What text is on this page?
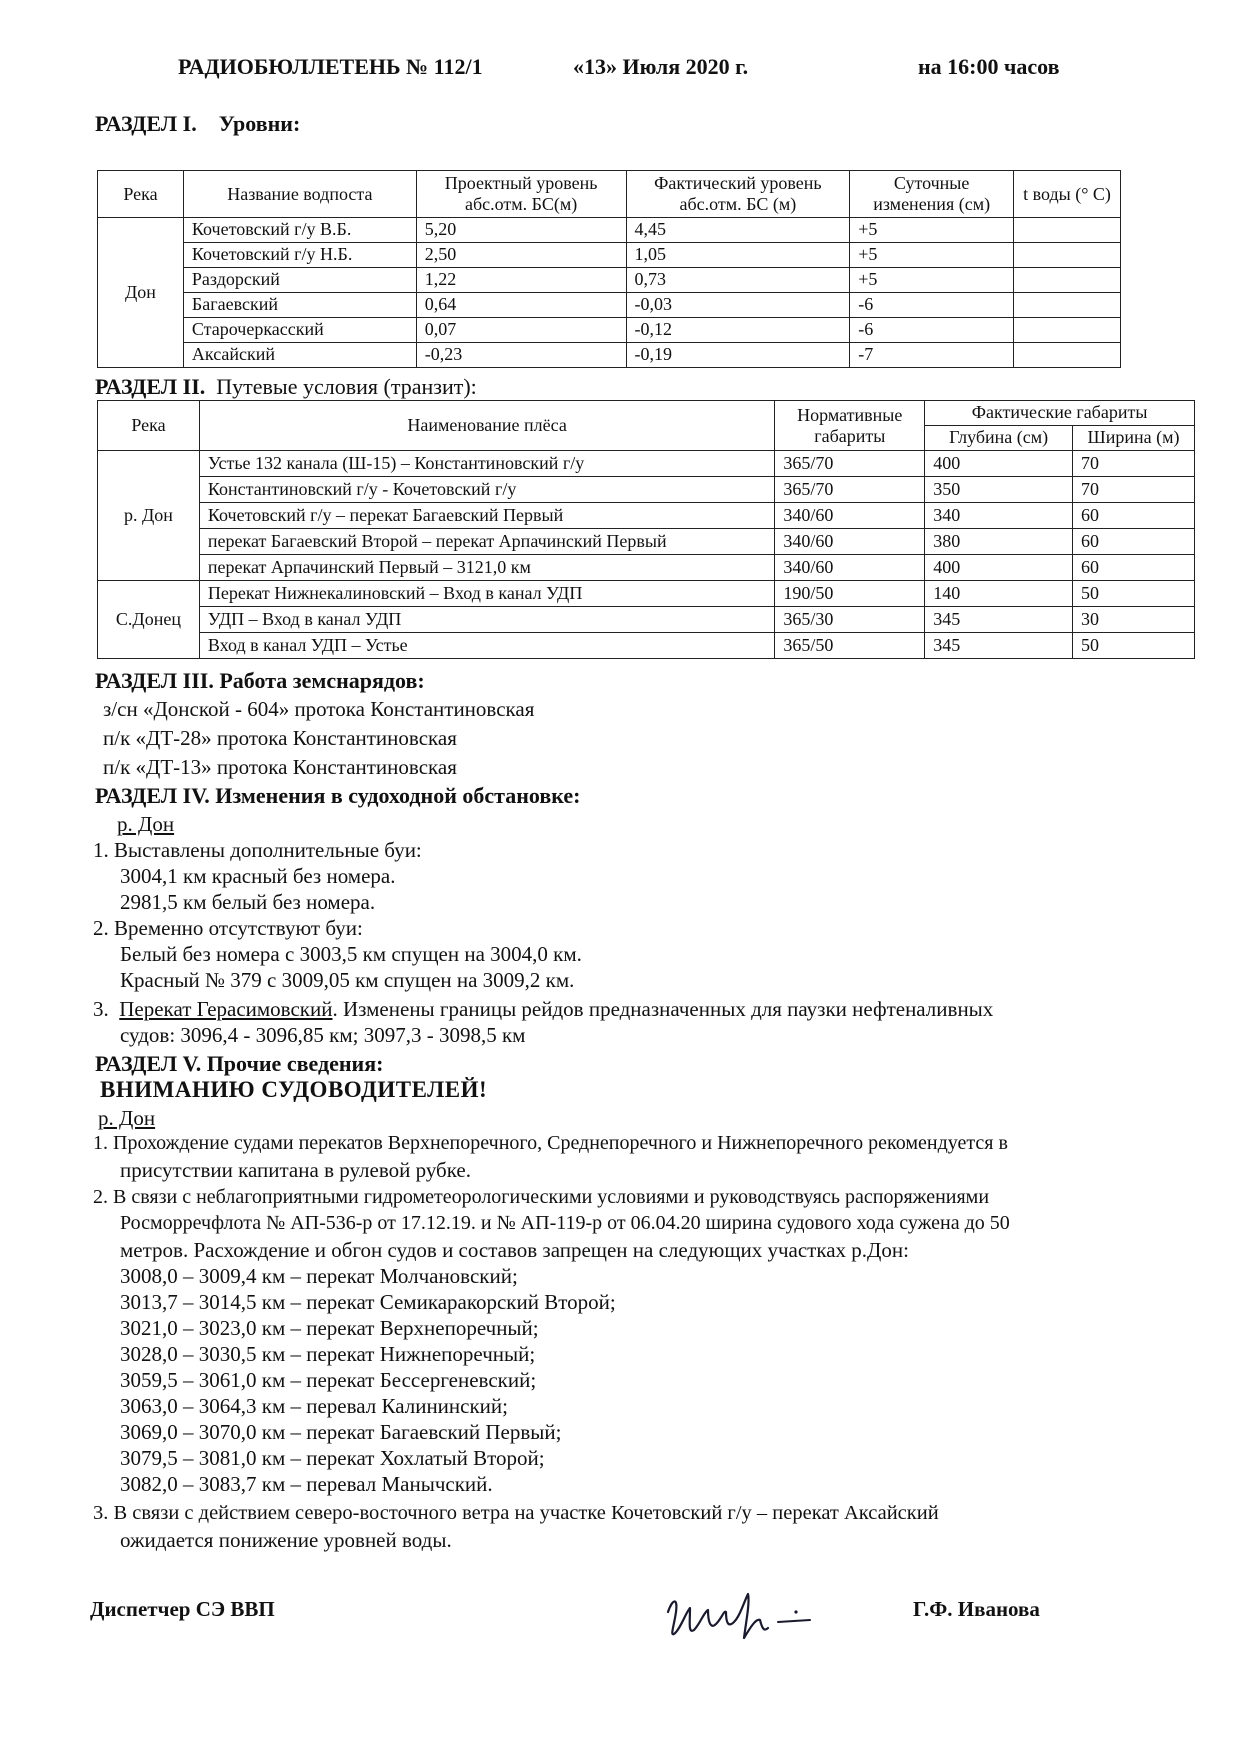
РАДИОБЮЛЛЕТЕНЬ № 112/1	«13» Июля 2020 г.	на 16:00 часов
РАЗДЕЛ I. Уровни:
Река	Название водпоста	Проектный уровень абс.отм. БС(м)	Фактический уровень абс.отм. БС (м)	Суточные изменения (см)	t воды (° С)
Дон	Кочетовский г/у В.Б.	5,20	4,45	+5	
	Кочетовский г/у Н.Б.	2,50	1,05	+5	
	Раздорский	1,22	0,73	+5	
	Багаевский	0,64	-0,03	-6	
	Старочеркасский	0,07	-0,12	-6	
	Аксайский	-0,23	-0,19	-7	
РАЗДЕЛ II. Путевые условия (транзит):
Река	Наименование плёса	Нормативные габариты	Фактические габариты	
			Глубина (см)	Ширина (м)
р. Дон	Устье 132 канала (Ш-15) – Константиновский г/у	365/70	400	70
	Константиновский г/у - Кочетовский г/у	365/70	350	70
	Кочетовский г/у – перекат Багаевский Первый	340/60	340	60
	перекат Багаевский Второй – перекат Арпачинский Первый	340/60	380	60
	перекат Арпачинский Первый – 3121,0 км	340/60	400	60
С.Донец	Перекат Нижнекалиновский – Вход в канал УДП	190/50	140	50
	УДП – Вход в канал УДП	365/30	345	30
	Вход в канал УДП – Устье	365/50	345	50
РАЗДЕЛ III. Работа земснарядов:
з/сн «Донской - 604» протока Константиновская
п/к «ДТ-28» протока Константиновская
п/к «ДТ-13» протока Константиновская
РАЗДЕЛ IV. Изменения в судоходной обстановке:
р. Дон
1. Выставлены дополнительные буи:
3004,1 км красный без номера.
2981,5 км белый без номера.
2. Временно отсутствуют буи:
Белый без номера с 3003,5 км спущен на 3004,0 км.
Красный № 379 с 3009,05 км спущен на 3009,2 км.
3. Перекат Герасимовский. Изменены границы рейдов предназначенных для паузки нефтеналивных
судов: 3096,4 - 3096,85 км; 3097,3 - 3098,5 км
РАЗДЕЛ V. Прочие сведения:
ВНИМАНИЮ СУДОВОДИТЕЛЕЙ!
р. Дон
1. Прохождение судами перекатов Верхнепоречного, Среднепоречного и Нижнепоречного рекомендуется в
присутствии капитана в рулевой рубке.
2. В связи с неблагоприятными гидрометеорологическими условиями и руководствуясь распоряжениями
Росморречфлота № АП-536-р от 17.12.19. и № АП-119-р от 06.04.20 ширина судового хода сужена до 50
метров. Расхождение и обгон судов и составов запрещен на следующих участках р.Дон:
3008,0 – 3009,4 км – перекат Молчановский;
3013,7 – 3014,5 км – перекат Семикаракорский Второй;
3021,0 – 3023,0 км – перекат Верхнепоречный;
3028,0 – 3030,5 км – перекат Нижнепоречный;
3059,5 – 3061,0 км – перекат Бессергеневский;
3063,0 – 3064,3 км – перевал Калининский;
3069,0 – 3070,0 км – перекат Багаевский Первый;
3079,5 – 3081,0 км – перекат Хохлатый Второй;
3082,0 – 3083,7 км – перевал Манычский.
3. В связи с действием северо-восточного ветра на участке Кочетовский г/у – перекат Аксайский
ожидается понижение уровней воды.
Диспетчер СЭ ВВП	Г.Ф. Иванова
